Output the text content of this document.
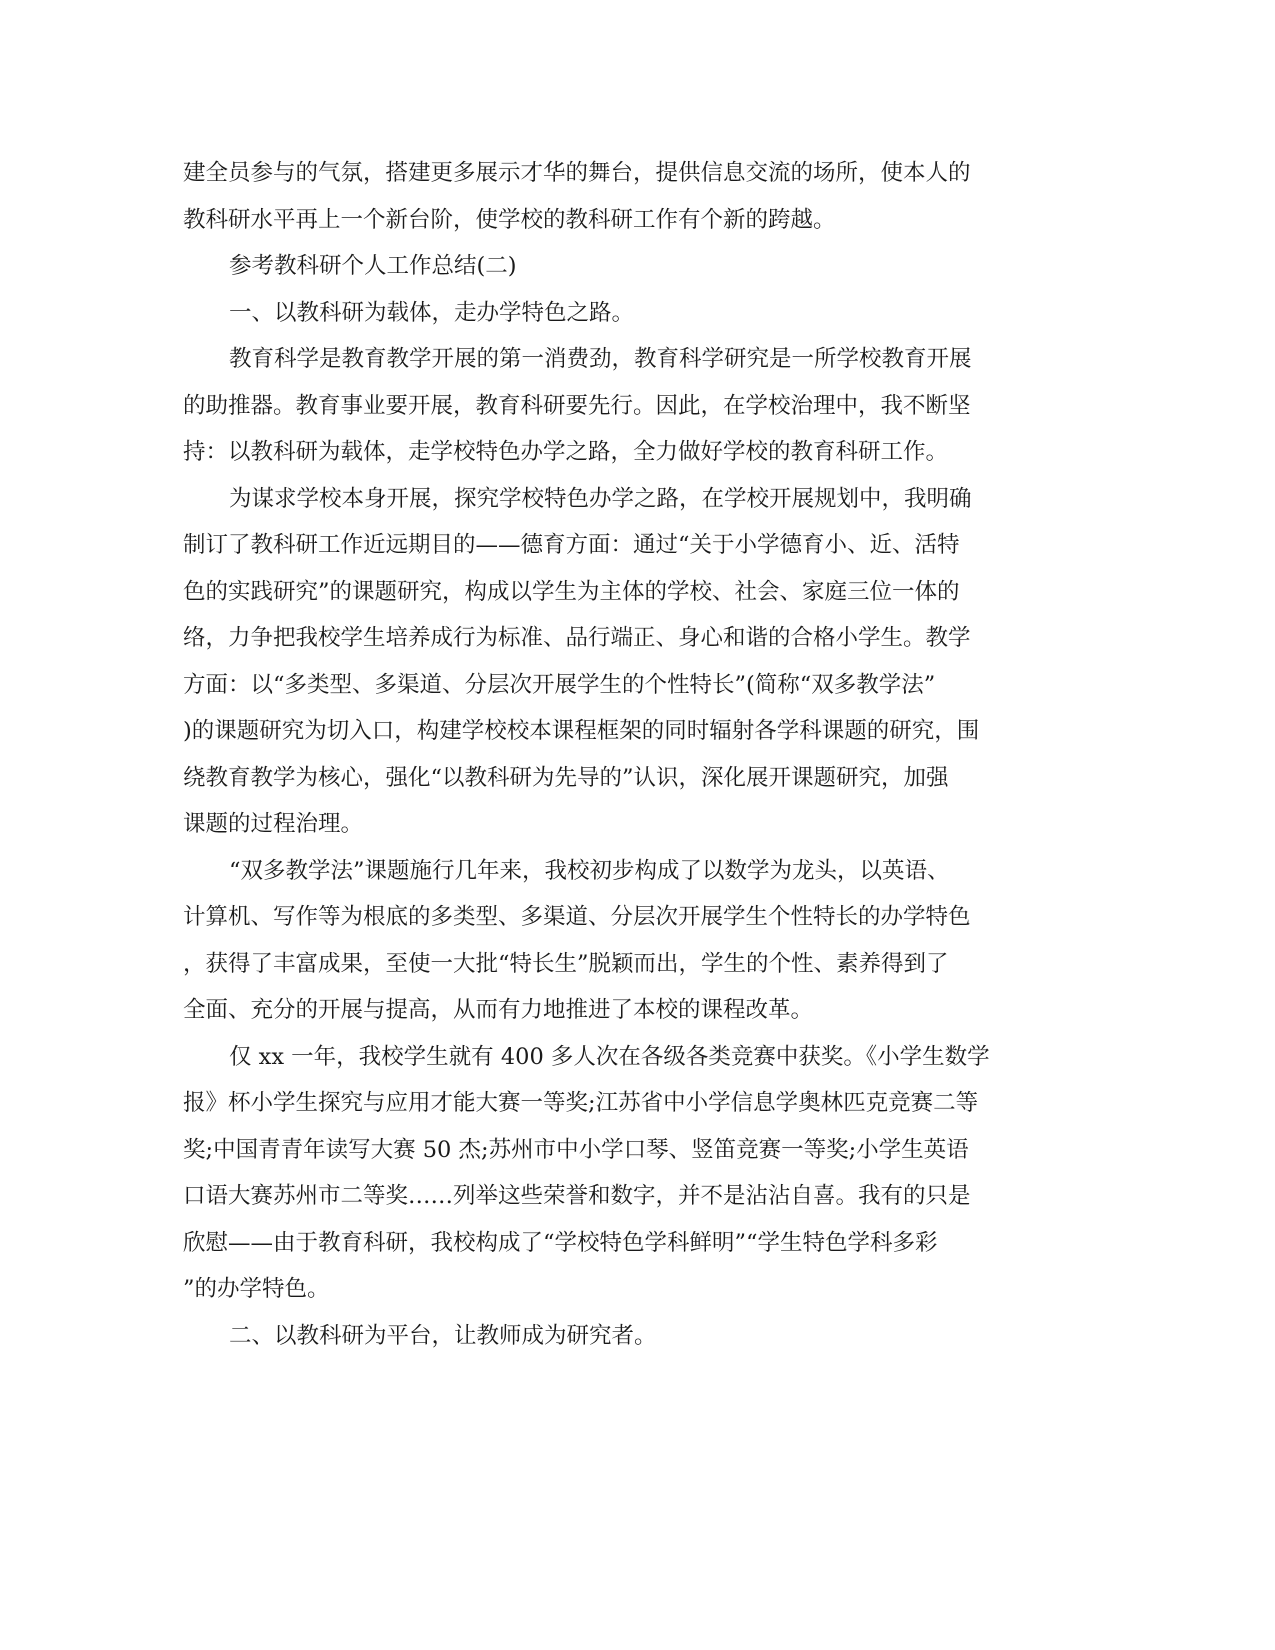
建全员参与的气氛，搭建更多展示才华的舞台，提供信息交流的场所，使本人的
教科研水平再上一个新台阶，使学校的教科研工作有个新的跨越。
参考教科研个人工作总结(二)
一、以教科研为载体，走办学特色之路。
教育科学是教育教学开展的第一消费劲，教育科学研究是一所学校教育开展
的助推器。教育事业要开展，教育科研要先行。因此，在学校治理中，我不断坚
持：以教科研为载体，走学校特色办学之路，全力做好学校的教育科研工作。
为谋求学校本身开展，探究学校特色办学之路，在学校开展规划中，我明确
制订了教科研工作近远期目的——德育方面：通过“关于小学德育小、近、活特
色的实践研究”的课题研究，构成以学生为主体的学校、社会、家庭三位一体的
络，力争把我校学生培养成行为标准、品行端正、身心和谐的合格小学生。教学
方面：以“多类型、多渠道、分层次开展学生的个性特长”(简称“双多教学法”
)的课题研究为切入口，构建学校校本课程框架的同时辐射各学科课题的研究，围
绕教育教学为核心，强化“以教科研为先导的”认识，深化展开课题研究，加强
课题的过程治理。
“双多教学法”课题施行几年来，我校初步构成了以数学为龙头，以英语、
计算机、写作等为根底的多类型、多渠道、分层次开展学生个性特长的办学特色
，获得了丰富成果，至使一大批“特长生”脱颖而出，学生的个性、素养得到了
全面、充分的开展与提高，从而有力地推进了本校的课程改革。
仅 xx 一年，我校学生就有 400 多人次在各级各类竞赛中获奖。《小学生数学
报》杯小学生探究与应用才能大赛一等奖;江苏省中小学信息学奥林匹克竞赛二等
奖;中国青青年读写大赛 50 杰;苏州市中小学口琴、竖笛竞赛一等奖;小学生英语
口语大赛苏州市二等奖……列举这些荣誉和数字，并不是沾沾自喜。我有的只是
欣慰——由于教育科研，我校构成了“学校特色学科鲜明”“学生特色学科多彩
”的办学特色。
二、以教科研为平台，让教师成为研究者。
